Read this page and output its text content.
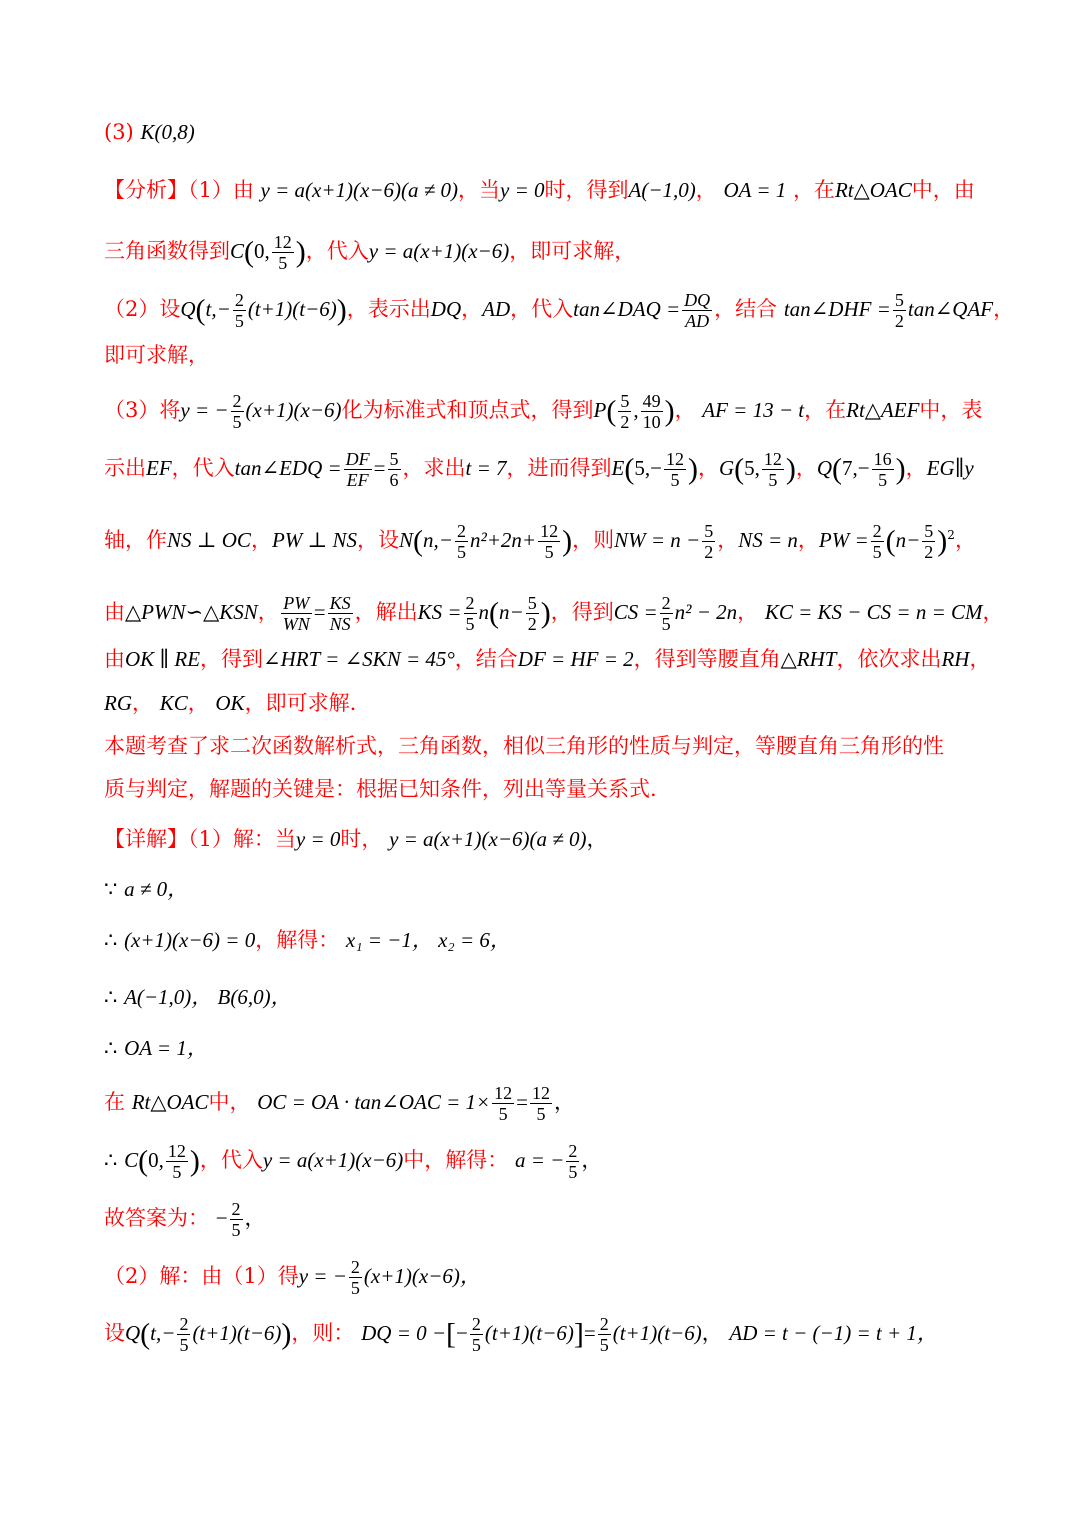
(3) K(0,8)
【分析】（1）由 y = a(x+1)(x−6)(a ≠ 0)，当y = 0时，得到A(−1,0)， OA = 1 ，在Rt△OAC中，由
三角函数得到C(0, $\frac{12}{5}$ )，代入y = a(x+1)(x−6)，即可求解，
（2）设$Q(t,- \frac{2}{5} (t+1)(t-6))$，表示出DQ，AD，代入tan∠DAQ = $\frac{DQ}{AD}$ ，结合 tan∠DHF = $\frac{5}{2}$ tan∠QAF，
即可求解，
（3）将y = − $\frac{2}{5} (x+1)(x-6)$化为标准式和顶点式，得到$P( \frac{5}{2}$ , $\frac{49}{10}$ )， AF = 13 − t，在Rt△AEF中，表
示出EF，代入tan∠EDQ = $\frac{DF}{EF} = \frac{5}{6}$ ，求出t = 7，进而得到$E(5,- \frac{12}{5}$ )，G(5, $\frac{12}{5}$ )，$Q(7,- \frac{16}{5}$ )，EG∥y
轴，作NS ⊥ OC，PW ⊥ NS，设$N(n,- \frac{2}{5} n^2+2n+ \frac{12}{5}$ )，则NW = $n - \frac{5}{2}$ ，NS = n，PW = $\frac{2}{5} (n- \frac{5}{2} )^2$，
由△PWN∽△KSN， $\frac{PW}{WN} = \frac{KS}{NS}$ ，解出KS = $\frac{2}{5} n(n- \frac{5}{2}$ )，得到CS = $\frac{2}{5} n^2 - 2n$， KC = KS − CS = n = CM，
由OK ∥ RE，得到∠HRT = ∠SKN = 45°，结合DF = HF = 2，得到等腰直角△RHT，依次求出RH，
RG， KC， OK，即可求解.
本题考查了求二次函数解析式，三角函数，相似三角形的性质与判定，等腰直角三角形的性
质与判定，解题的关键是：根据已知条件，列出等量关系式.
【详解】（1）解：当y = 0时， y = a(x+1)(x−6)(a ≠ 0)，
∵ a ≠ 0，
∴ (x+1)(x−6) = 0，解得： x₁ = −1， x₂ = 6，
∴ A(−1,0)， B(6,0)，
∴ OA = 1，
在 Rt△OAC中， OC = OA · tan∠OAC = $1\times \frac{12}{5} = \frac{12}{5}$ ，
∴ C(0, $\frac{12}{5}$ )，代入y = a(x+1)(x−6)中，解得： a = − $\frac{2}{5}$ ，
故答案为： − $\frac{2}{5}$ ，
（2）解：由（1）得y = − $\frac{2}{5} (x+1)(x-6)$，
设$Q(t,- \frac{2}{5} (t+1)(t-6))$，则： DQ = 0 −[− $\frac{2}{5} (t+1)(t-6)]= \frac{2}{5} (t+1)(t-6)$， AD = t − (−1) = t + 1，
